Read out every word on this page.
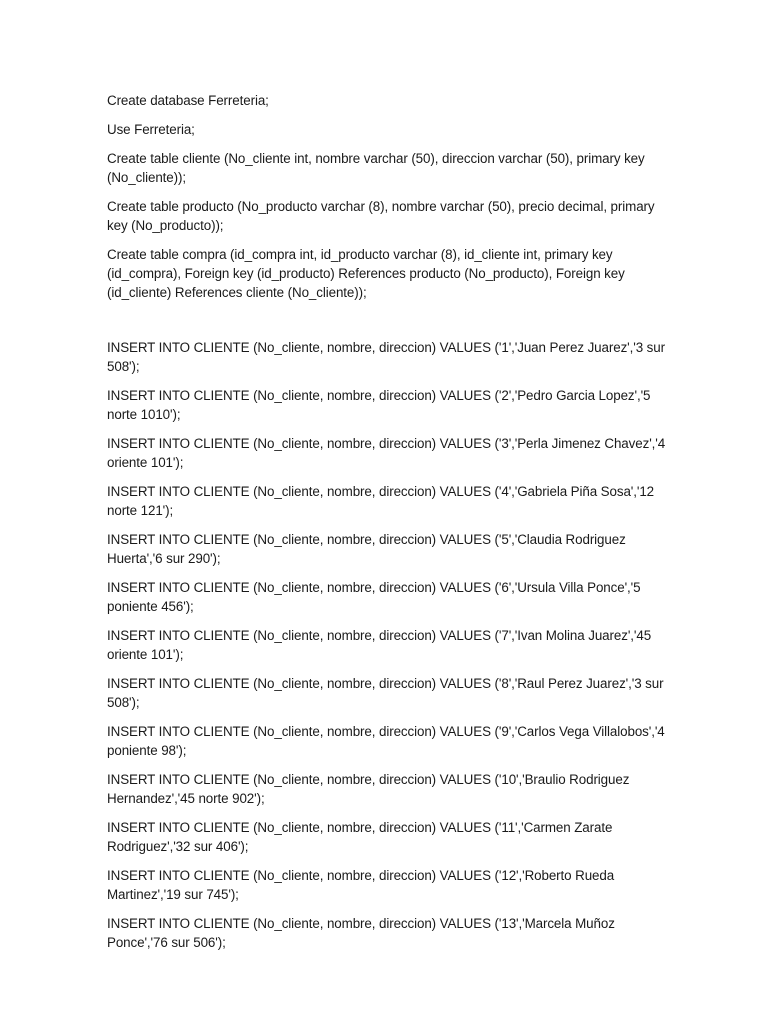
Create database Ferreteria;

Use Ferreteria;

Create table cliente (No_cliente int, nombre varchar (50), direccion varchar (50), primary key (No_cliente));

Create table producto (No_producto varchar (8), nombre varchar (50), precio decimal, primary key (No_producto));

Create table compra (id_compra int, id_producto varchar (8), id_cliente int, primary key (id_compra), Foreign key (id_producto) References producto (No_producto), Foreign key (id_cliente) References cliente (No_cliente));

INSERT INTO CLIENTE (No_cliente, nombre, direccion) VALUES ('1','Juan Perez Juarez','3 sur 508');

INSERT INTO CLIENTE (No_cliente, nombre, direccion) VALUES ('2','Pedro Garcia Lopez','5 norte 1010');

INSERT INTO CLIENTE (No_cliente, nombre, direccion) VALUES ('3','Perla Jimenez Chavez','4 oriente 101');

INSERT INTO CLIENTE (No_cliente, nombre, direccion) VALUES ('4','Gabriela Piña Sosa','12 norte 121');

INSERT INTO CLIENTE (No_cliente, nombre, direccion) VALUES ('5','Claudia Rodriguez Huerta','6 sur 290');

INSERT INTO CLIENTE (No_cliente, nombre, direccion) VALUES ('6','Ursula Villa Ponce','5 poniente 456');

INSERT INTO CLIENTE (No_cliente, nombre, direccion) VALUES ('7','Ivan Molina Juarez','45 oriente 101');

INSERT INTO CLIENTE (No_cliente, nombre, direccion) VALUES ('8','Raul Perez Juarez','3 sur 508');

INSERT INTO CLIENTE (No_cliente, nombre, direccion) VALUES ('9','Carlos Vega Villalobos','4 poniente 98');

INSERT INTO CLIENTE (No_cliente, nombre, direccion) VALUES ('10','Braulio Rodriguez Hernandez','45 norte 902');

INSERT INTO CLIENTE (No_cliente, nombre, direccion) VALUES ('11','Carmen Zarate Rodriguez','32 sur 406');

INSERT INTO CLIENTE (No_cliente, nombre, direccion) VALUES ('12','Roberto Rueda Martinez','19 sur 745');

INSERT INTO CLIENTE (No_cliente, nombre, direccion) VALUES ('13','Marcela Muñoz Ponce','76 sur 506');
